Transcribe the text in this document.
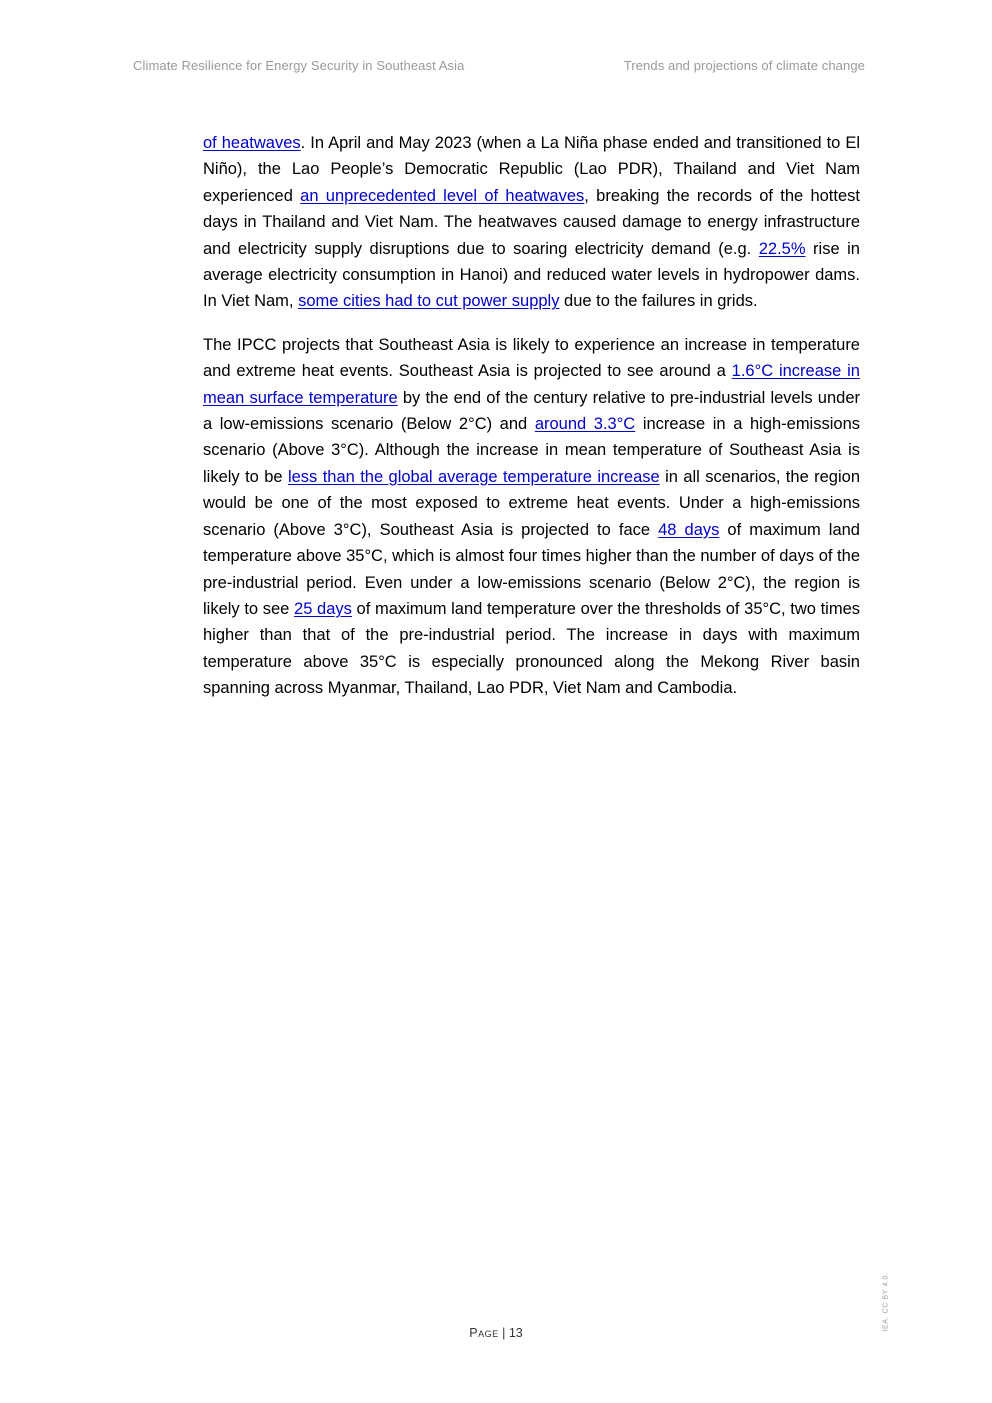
Climate Resilience for Energy Security in Southeast Asia	Trends and projections of climate change

of heatwaves. In April and May 2023 (when a La Niña phase ended and transitioned to El Niño), the Lao People’s Democratic Republic (Lao PDR), Thailand and Viet Nam experienced an unprecedented level of heatwaves, breaking the records of the hottest days in Thailand and Viet Nam. The heatwaves caused damage to energy infrastructure and electricity supply disruptions due to soaring electricity demand (e.g. 22.5% rise in average electricity consumption in Hanoi) and reduced water levels in hydropower dams. In Viet Nam, some cities had to cut power supply due to the failures in grids.

The IPCC projects that Southeast Asia is likely to experience an increase in temperature and extreme heat events. Southeast Asia is projected to see around a 1.6°C increase in mean surface temperature by the end of the century relative to pre-industrial levels under a low-emissions scenario (Below 2°C) and around 3.3°C increase in a high-emissions scenario (Above 3°C). Although the increase in mean temperature of Southeast Asia is likely to be less than the global average temperature increase in all scenarios, the region would be one of the most exposed to extreme heat events. Under a high-emissions scenario (Above 3°C), Southeast Asia is projected to face 48 days of maximum land temperature above 35°C, which is almost four times higher than the number of days of the pre-industrial period. Even under a low-emissions scenario (Below 2°C), the region is likely to see 25 days of maximum land temperature over the thresholds of 35°C, two times higher than that of the pre-industrial period. The increase in days with maximum temperature above 35°C is especially pronounced along the Mekong River basin spanning across Myanmar, Thailand, Lao PDR, Viet Nam and Cambodia.

Page | 13
IEA. CC BY 4.0.
